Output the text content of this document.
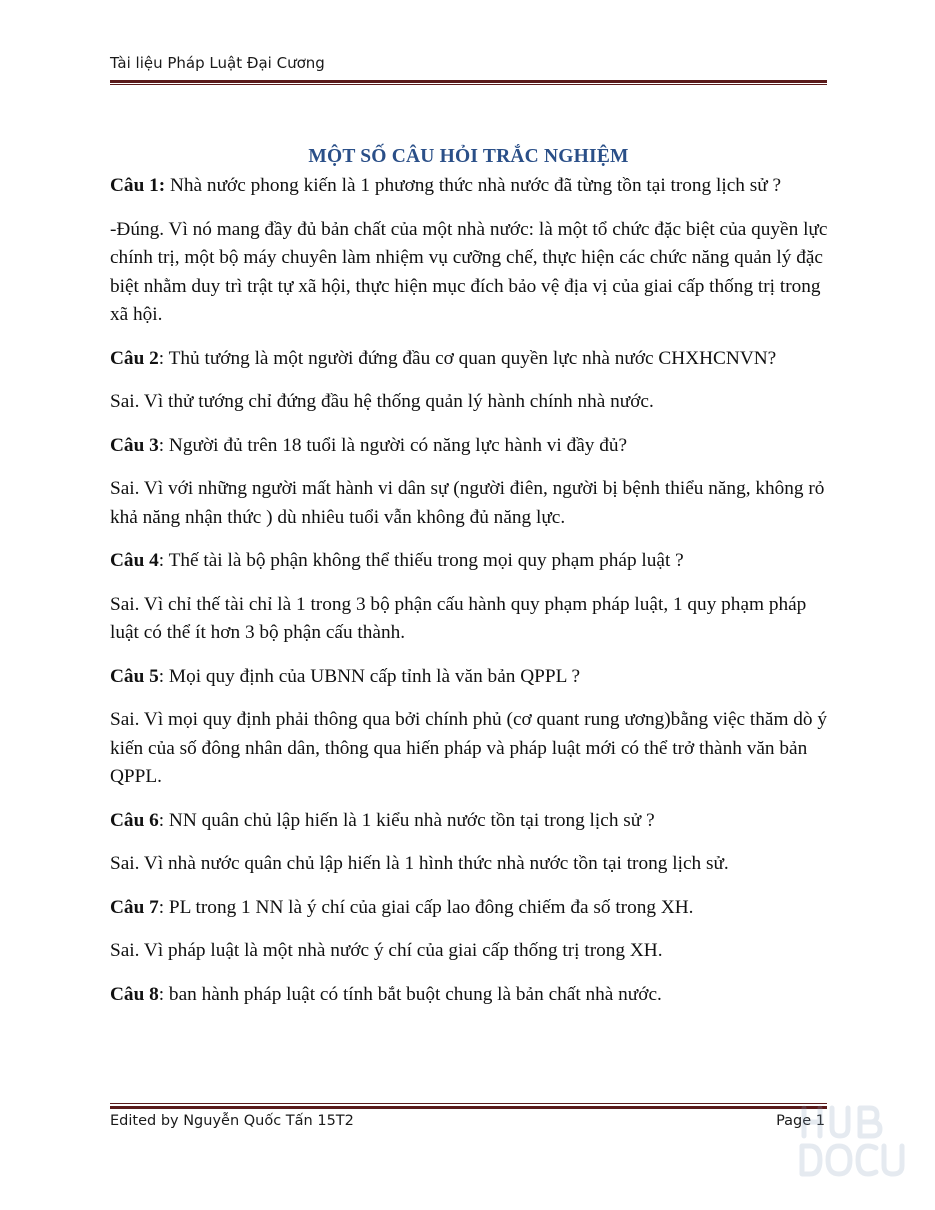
Tài liệu Pháp Luật Đại Cương
MỘT SỐ CÂU HỎI TRẮC NGHIỆM

Câu 1: Nhà nước phong kiến là 1 phương thức nhà nước đã từng tồn tại trong lịch sử ?

-Đúng. Vì nó mang đầy đủ bản chất của một nhà nước: là một tổ chức đặc biệt của quyền lực chính trị, một bộ máy chuyên làm nhiệm vụ cưỡng chế, thực hiện các chức năng quản lý đặc biệt nhằm duy trì trật tự xã hội, thực hiện mục đích bảo vệ địa vị của giai cấp thống trị trong xã hội.

Câu 2: Thủ tướng là một người đứng đầu cơ quan quyền lực nhà nước CHXHCNVN?

Sai. Vì thử tướng chỉ đứng đầu hệ thống quản lý hành chính nhà nước.

Câu 3: Người đủ trên 18 tuổi là người có năng lực hành vi đầy đủ?

Sai. Vì với những người mất hành vi dân sự (người điên, người bị bệnh thiểu năng, không rỏ khả năng nhận thức ) dù nhiêu tuổi vẫn không đủ năng lực.

Câu 4: Thế tài là bộ phận không thể thiếu trong mọi quy phạm pháp luật ?

Sai. Vì chỉ thế tài chỉ là 1 trong 3 bộ phận cấu hành quy phạm pháp luật, 1 quy phạm pháp luật có thể ít hơn 3 bộ phận cấu thành.

Câu 5: Mọi quy định của UBNN cấp tỉnh là văn bản QPPL ?

Sai. Vì mọi quy định phải thông qua bởi chính phủ (cơ quant rung ương)bằng việc thăm dò ý kiến của số đông nhân dân, thông qua hiến pháp và pháp luật mới có thể trở thành văn bản QPPL.

Câu 6: NN quân chủ lập hiến là 1 kiểu nhà nước tồn tại trong lịch sử ?

Sai. Vì nhà nước quân chủ lập hiến là 1 hình thức nhà nước tồn tại trong lịch sử.

Câu 7: PL trong 1 NN là ý chí của giai cấp lao đông chiếm đa số trong XH.

Sai. Vì pháp luật là một nhà nước ý chí của giai cấp thống trị trong XH.

Câu 8: ban hành pháp luật có tính bắt buột chung là bản chất nhà nước.

Edited by Nguyễn Quốc Tấn 15T2	Page 1
